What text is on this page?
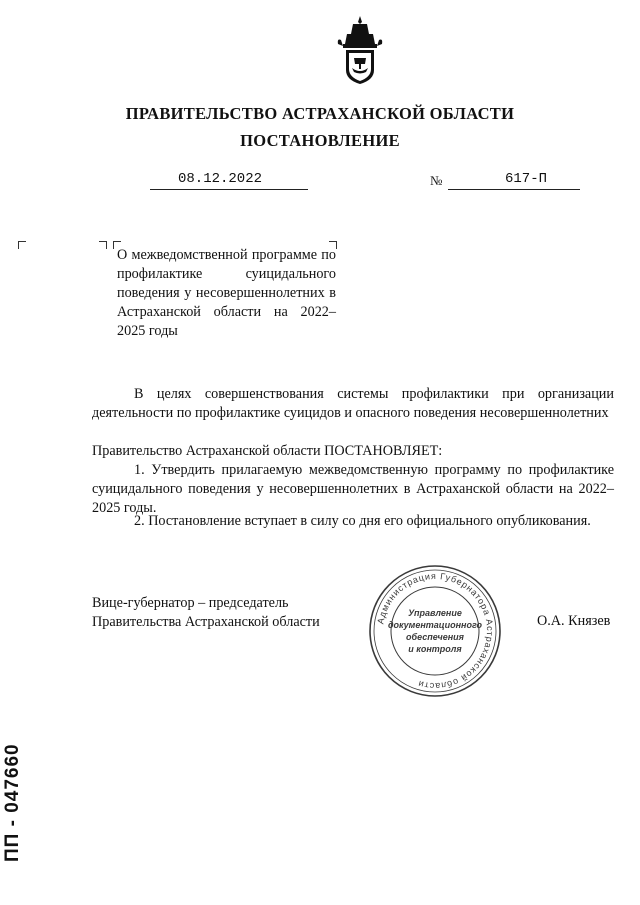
ПРАВИТЕЛЬСТВО АСТРАХАНСКОЙ ОБЛАСТИ
ПОСТАНОВЛЕНИЕ
08.12.2022	№	617-П
О межведомственной программе по профилактике суицидального поведения у несовершеннолетних в Астраханской области на 2022–2025 годы
В целях совершенствования системы профилактики при организации деятельности по профилактике суицидов и опасного поведения несовершеннолетних
Правительство Астраханской области ПОСТАНОВЛЯЕТ:
1. Утвердить прилагаемую межведомственную программу по профилактике суицидального поведения у несовершеннолетних в Астраханской области на 2022–2025 годы.
2. Постановление вступает в силу со дня его официального опубликования.
Вице-губернатор – председатель
Правительства Астраханской области	О.А. Князев
Администрация Губернатора Астраханской области
Управление
документационного
обеспечения
и контроля
ПП - 047660
